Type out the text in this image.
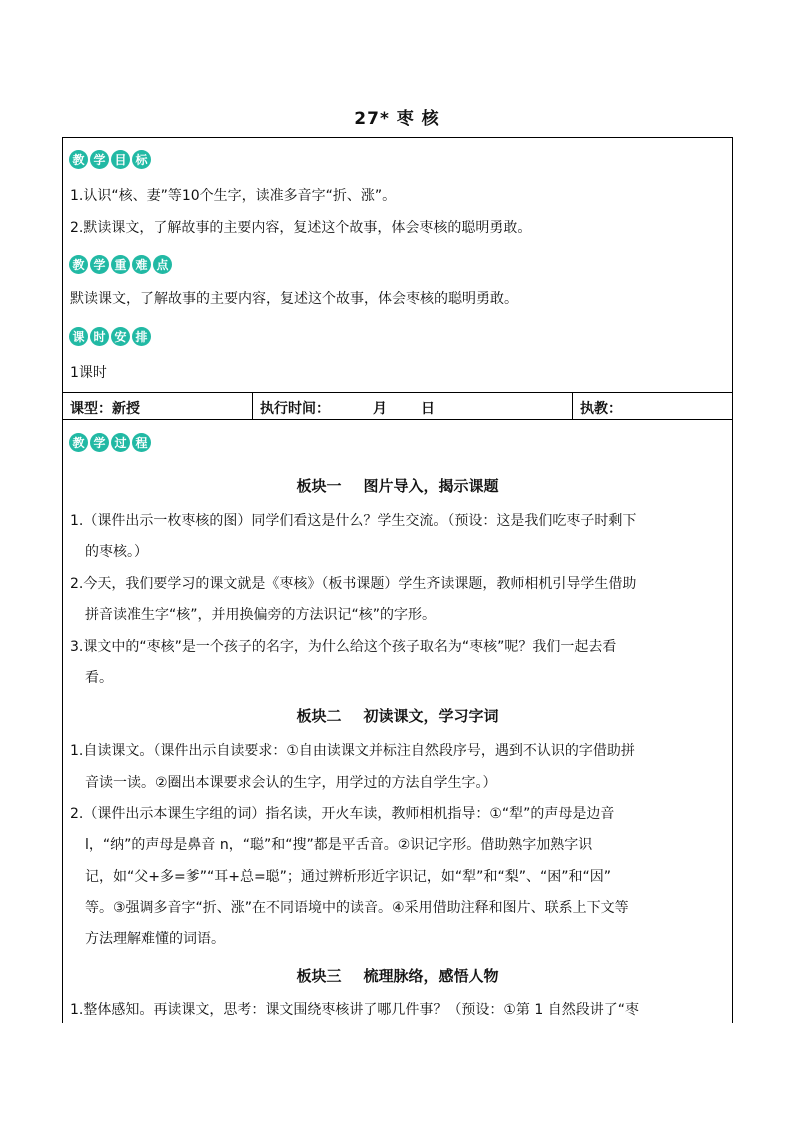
27* 枣 核
教 学 目 标
1.认识“核、妻”等10个生字，读准多音字“折、涨”。
2.默读课文，了解故事的主要内容，复述这个故事，体会枣核的聪明勇敢。
教 学 重 难 点
默读课文，了解故事的主要内容，复述这个故事，体会枣核的聪明勇敢。
课 时 安 排
1课时
课型：新授	执行时间：	月 日	执教：
教 学 过 程
板块一 图片导入，揭示课题
1.（课件出示一枚枣核的图）同学们看这是什么？学生交流。（预设：这是我们吃枣子时剩下
的枣核。）
2.今天，我们要学习的课文就是《枣核》（板书课题）学生齐读课题，教师相机引导学生借助
拼音读准生字“核”，并用换偏旁的方法识记“核”的字形。
3.课文中的“枣核”是一个孩子的名字，为什么给这个孩子取名为“枣核”呢？我们一起去看
看。
板块二 初读课文，学习字词
1.自读课文。（课件出示自读要求：①自由读课文并标注自然段序号，遇到不认识的字借助拼
音读一读。②圈出本课要求会认的生字，用学过的方法自学生字。）
2.（课件出示本课生字组的词）指名读，开火车读，教师相机指导：①“犁”的声母是边音
l，“纳”的声母是鼻音 n，“聪”和“搜”都是平舌音。②识记字形。借助熟字加熟字识
记，如“父+多=爹”“耳+总=聪”；通过辨析形近字识记，如“犁”和“梨”、“困”和“因”
等。③强调多音字“折、涨”在不同语境中的读音。④采用借助注释和图片、联系上下文等
方法理解难懂的词语。
板块三 梳理脉络，感悟人物
1.整体感知。再读课文，思考：课文围绕枣核讲了哪几件事？（预设：①第 1 自然段讲了“枣
